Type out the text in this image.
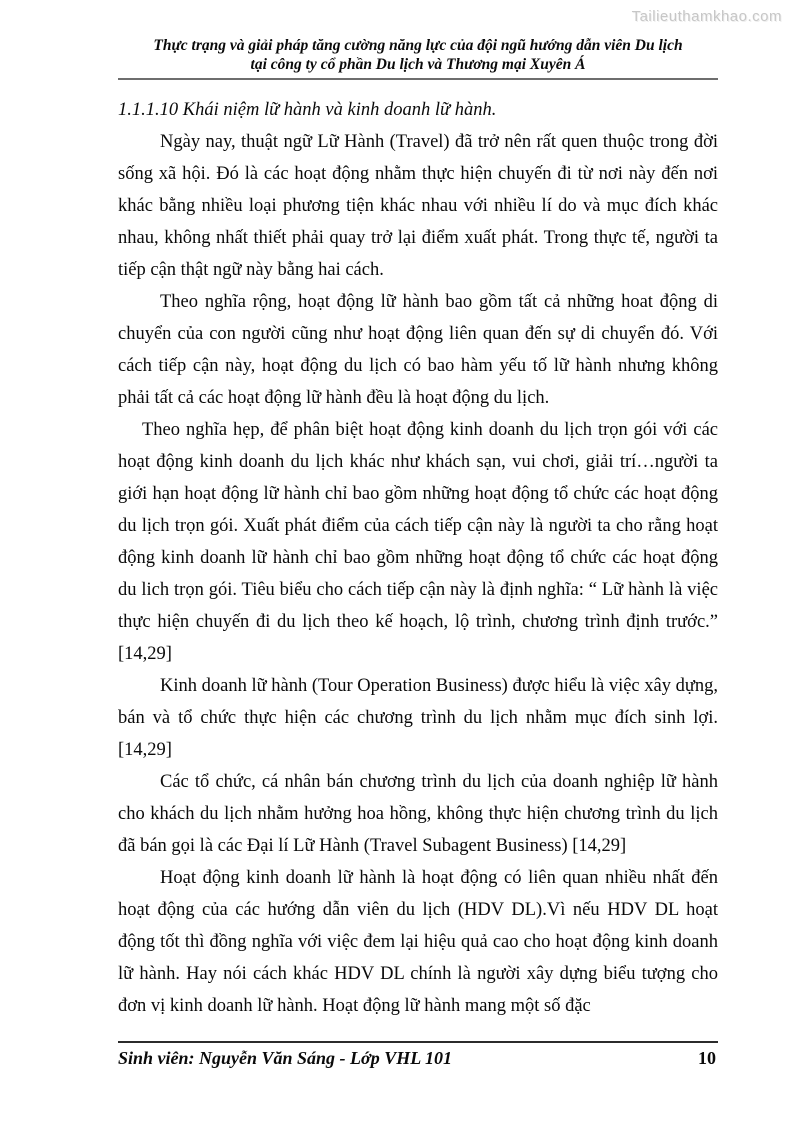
Tailieuthamkhao.com
Thực trạng và giải pháp tăng cường năng lực của đội ngũ hướng dẫn viên Du lịch
tại công ty cổ phần Du lịch và Thương mại Xuyên Á
1.1.1.10 Khái niệm lữ hành và kinh doanh lữ hành.

Ngày nay, thuật ngữ Lữ Hành (Travel) đã trở nên rất quen thuộc trong đời sống xã hội. Đó là các hoạt động nhằm thực hiện chuyến đi từ nơi này đến nơi khác bằng nhiều loại phương tiện khác nhau với nhiều lí do và mục đích khác nhau, không nhất thiết phải quay trở lại điểm xuất phát. Trong thực tế, người ta tiếp cận thật ngữ này bằng hai cách.

Theo nghĩa rộng, hoạt động lữ hành bao gồm tất cả những hoat động di chuyển của con người cũng như hoạt động liên quan đến sự di chuyển đó. Với cách tiếp cận này, hoạt động du lịch có bao hàm yếu tố lữ hành nhưng không phải tất cả các hoạt động lữ hành đều là hoạt động du lịch.

Theo nghĩa hẹp, để phân biệt hoạt động kinh doanh du lịch trọn gói với các hoạt động kinh doanh du lịch khác như khách sạn, vui chơi, giải trí…người ta giới hạn hoạt động lữ hành chỉ bao gồm những hoạt động tổ chức các hoạt động du lịch trọn gói. Xuất phát điểm của cách tiếp cận này là người ta cho rằng hoạt động kinh doanh lữ hành chỉ bao gồm những hoạt động tổ chức các hoạt động du lich trọn gói. Tiêu biểu cho cách tiếp cận này là định nghĩa: “ Lữ hành là việc thực hiện chuyến đi du lịch theo kế hoạch, lộ trình, chương trình định trước.” [14,29]

Kinh doanh lữ hành (Tour Operation Business) được hiểu là việc xây dựng, bán và tổ chức thực hiện các chương trình du lịch nhằm mục đích sinh lợi.[14,29]

Các tổ chức, cá nhân bán chương trình du lịch của doanh nghiệp lữ hành cho khách du lịch nhằm hưởng hoa hồng, không thực hiện chương trình du lịch đã bán gọi là các Đại lí Lữ Hành (Travel Subagent Business) [14,29]

Hoạt động kinh doanh lữ hành là hoạt động có liên quan nhiều nhất đến hoạt động của các hướng dẫn viên du lịch (HDV DL).Vì nếu HDV DL hoạt động tốt thì đồng nghĩa với việc đem lại hiệu quả cao cho hoạt động kinh doanh lữ hành. Hay nói cách khác HDV DL chính là người xây dựng biểu tượng cho đơn vị kinh doanh lữ hành. Hoạt động lữ hành mang một số đặc

Sinh viên: Nguyễn Văn Sáng - Lớp VHL 101	10
